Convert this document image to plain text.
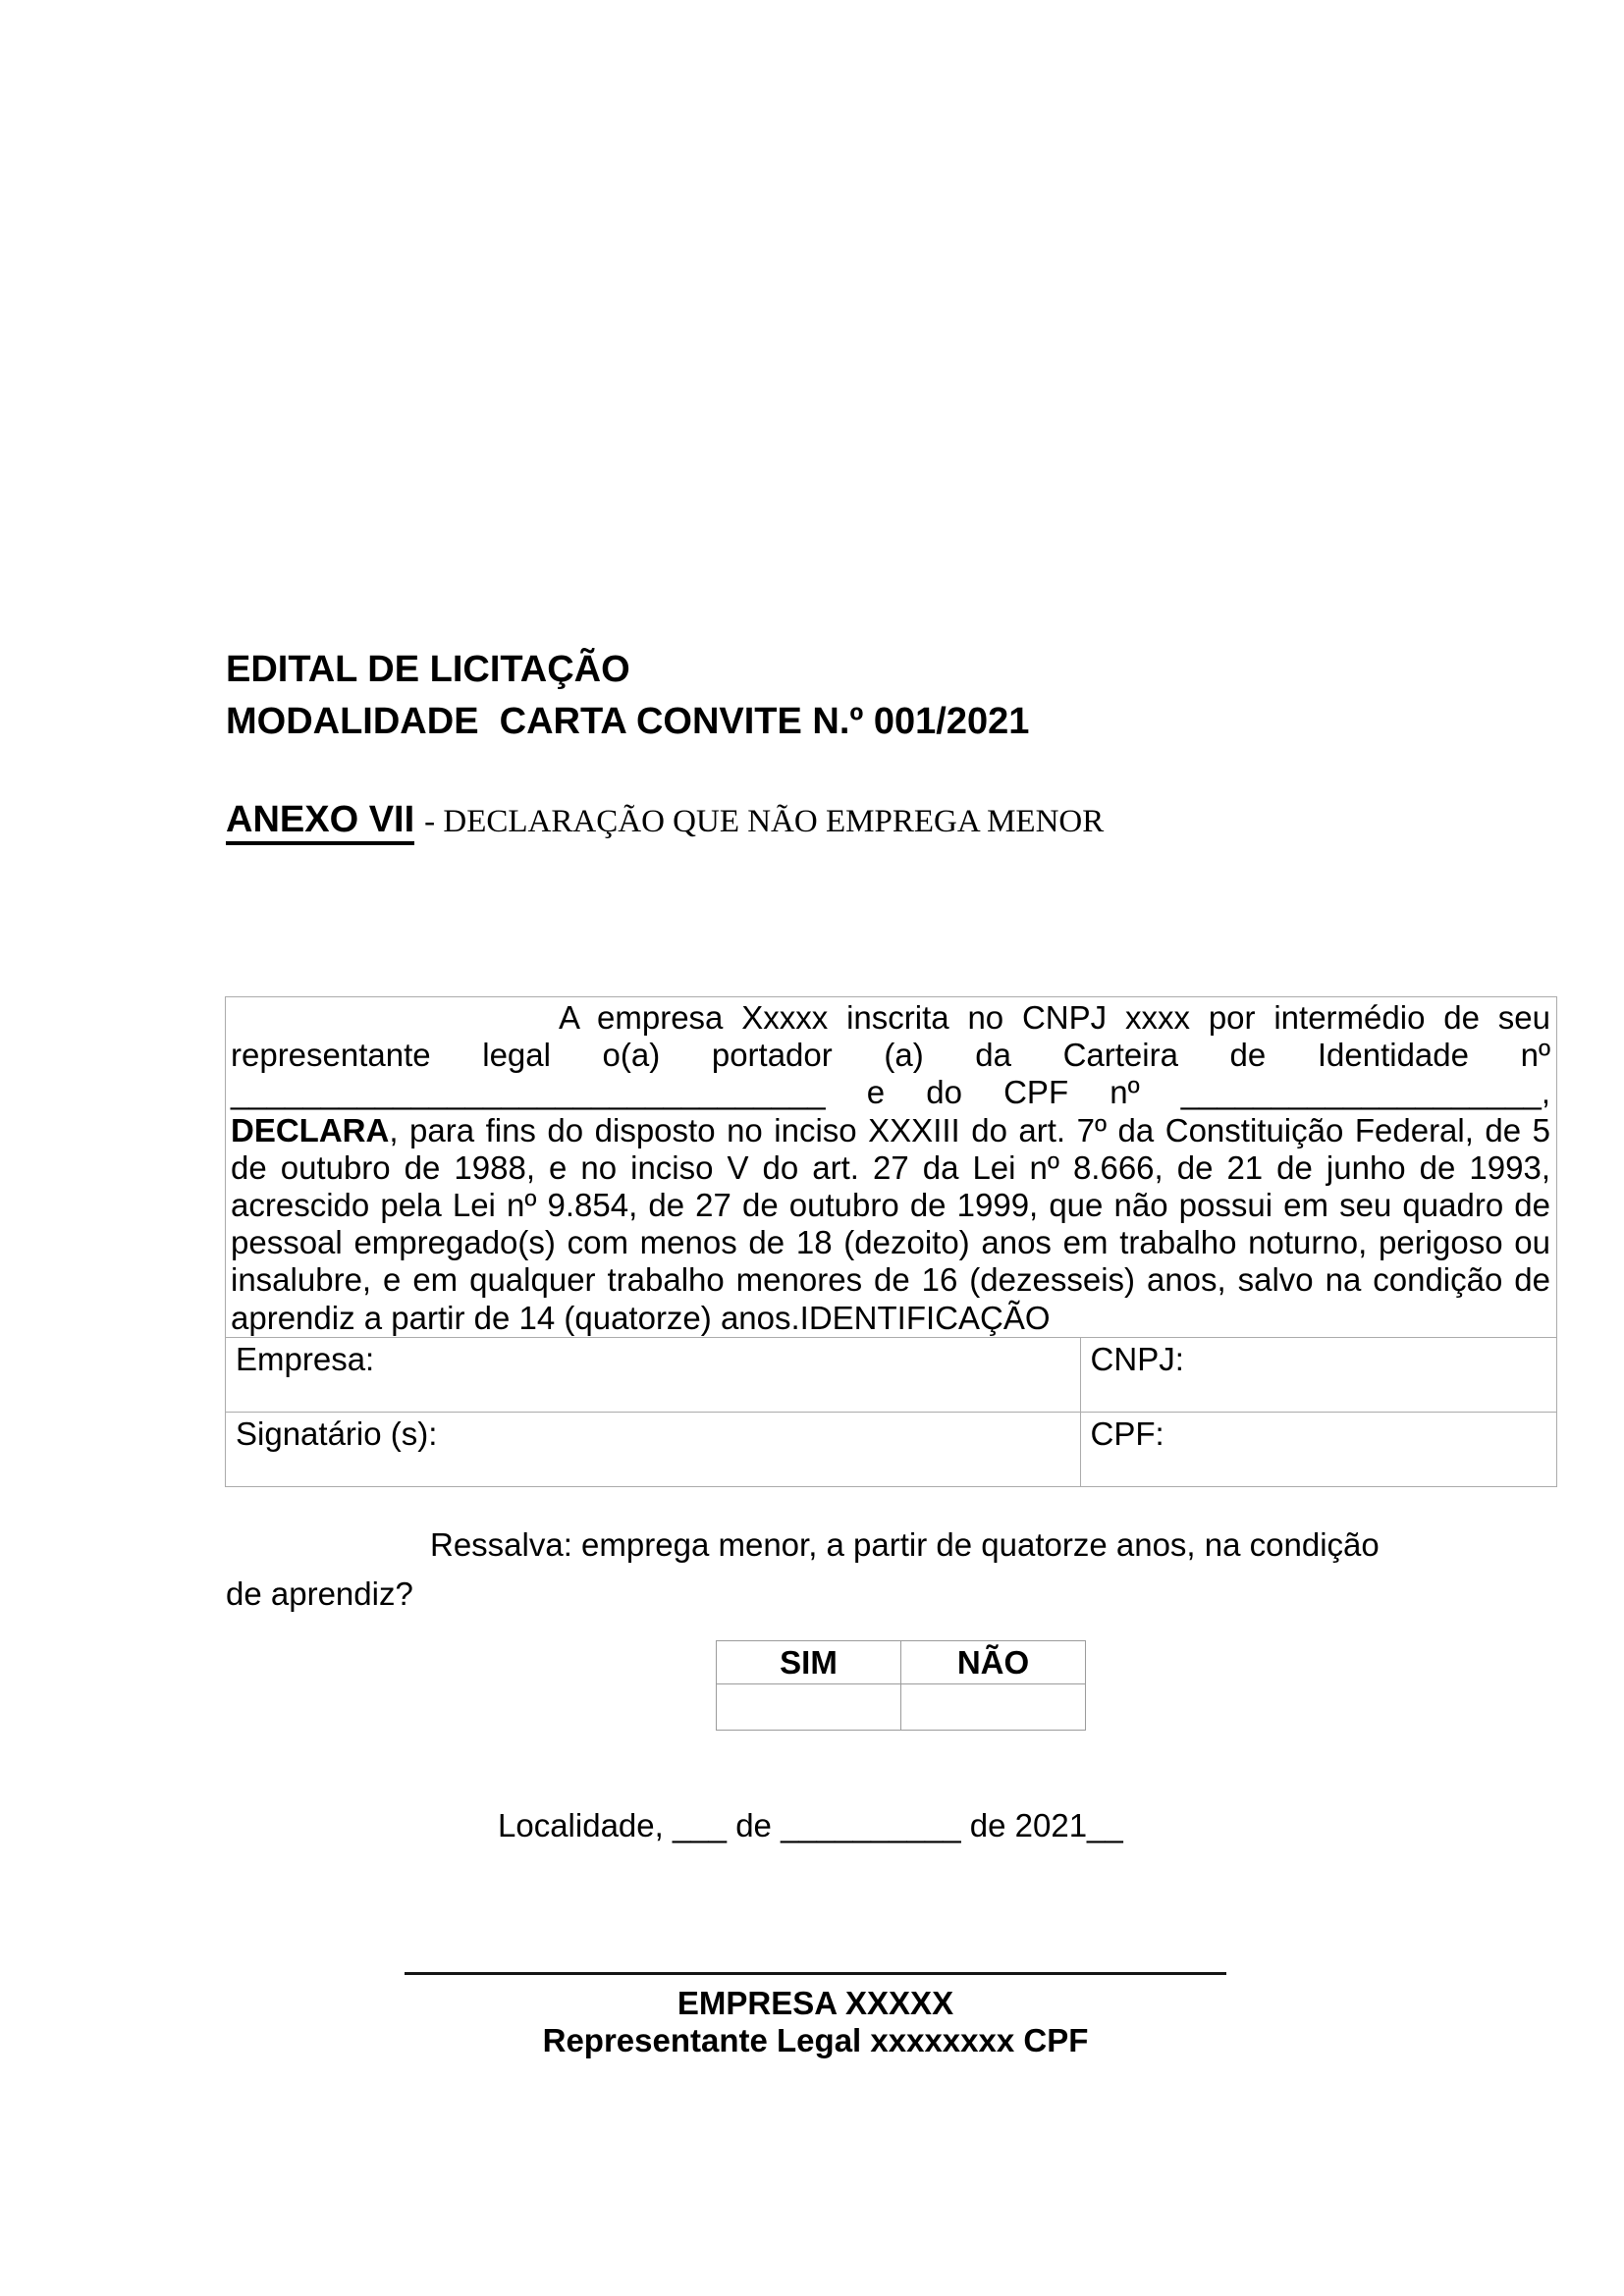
EDITAL DE LICITAÇÃO
MODALIDADE  CARTA CONVITE N.º 001/2021
ANEXO VII - DECLARAÇÃO QUE NÃO EMPREGA MENOR
A empresa Xxxxx inscrita no CNPJ xxxx por intermédio de seu
representante legal o(a) portador (a) da Carteira de Identidade nº
_________________________________ e do CPF nº ____________________,
DECLARA, para fins do disposto no inciso XXXIII do art. 7º da Constituição Federal, de 5
de outubro de 1988, e no inciso V do art. 27 da Lei nº 8.666, de 21 de junho de 1993,
acrescido pela Lei nº 9.854, de 27 de outubro de 1999, que não possui em seu quadro de
pessoal empregado(s) com menos de 18 (dezoito) anos em trabalho noturno, perigoso ou
insalubre, e em qualquer trabalho menores de 16 (dezesseis) anos, salvo na condição de
aprendiz a partir de 14 (quatorze) anos.IDENTIFICAÇÃO

Empresa:	CNPJ:
Signatário (s):	CPF:
Ressalva: emprega menor, a partir de quatorze anos, na condição
de aprendiz?
SIM	NÃO

Localidade, ___ de __________ de 2021__
EMPRESA XXXXX
Representante Legal xxxxxxxx CPF
